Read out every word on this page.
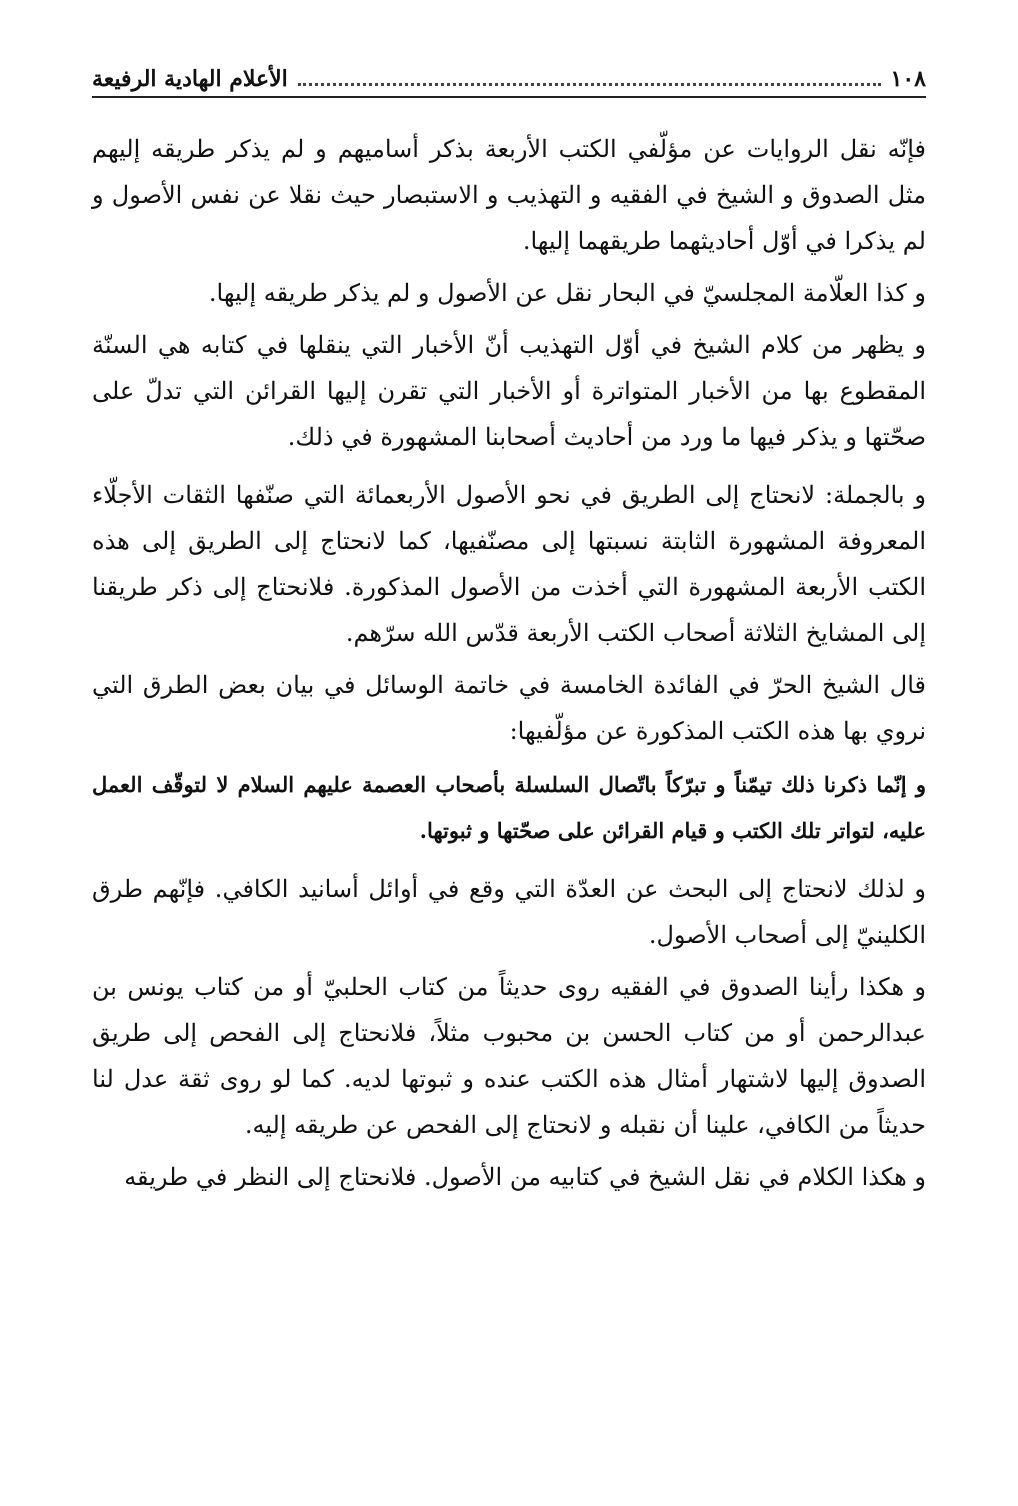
١٠٨
الأعلام الهادية الرفيعة

فإنّه نقل الروايات عن مؤلّفي الكتب الأربعة بذكر أساميهم و لم يذكر طريقه إليهم مثل الصدوق و الشيخ في الفقيه و التهذيب و الاستبصار حيث نقلا عن نفس الأصول و لم يذكرا في أوّل أحاديثهما طريقهما إليها.

و كذا العلّامة المجلسيّ في البحار نقل عن الأصول و لم يذكر طريقه إليها.

و يظهر من كلام الشيخ في أوّل التهذيب أنّ الأخبار التي ينقلها في كتابه هي السنّة المقطوع بها من الأخبار المتواترة أو الأخبار التي تقرن إليها القرائن التي تدلّ على صحّتها و يذكر فيها ما ورد من أحاديث أصحابنا المشهورة في ذلك.

و بالجملة: لانحتاج إلى الطريق في نحو الأصول الأربعمائة التي صنّفها الثقات الأجلّاء المعروفة المشهورة الثابتة نسبتها إلى مصنّفيها، كما لانحتاج إلى الطريق إلى هذه الكتب الأربعة المشهورة التي أخذت من الأصول المذكورة. فلانحتاج إلى ذكر طريقنا إلى المشايخ الثلاثة أصحاب الكتب الأربعة قدّس الله سرّهم.

قال الشيخ الحرّ في الفائدة الخامسة في خاتمة الوسائل في بيان بعض الطرق التي نروي بها هذه الكتب المذكورة عن مؤلّفيها:

و إنّما ذكرنا ذلك تيمّناً و تبرّكاً باتّصال السلسلة بأصحاب العصمة عليهم السلام لا لتوقّف العمل عليه، لتواتر تلك الكتب و قيام القرائن على صحّتها و ثبوتها.

و لذلك لانحتاج إلى البحث عن العدّة التي وقع في أوائل أسانيد الكافي. فإنّهم طرق الكلينيّ إلى أصحاب الأصول.

و هكذا رأينا الصدوق في الفقيه روى حديثاً من كتاب الحلبيّ أو من كتاب يونس بن عبدالرحمن أو من كتاب الحسن بن محبوب مثلاً، فلانحتاج إلى الفحص إلى طريق الصدوق إليها لاشتهار أمثال هذه الكتب عنده و ثبوتها لديه. كما لو روى ثقة عدل لنا حديثاً من الكافي، علينا أن نقبله و لانحتاج إلى الفحص عن طريقه إليه.

و هكذا الكلام في نقل الشيخ في كتابيه من الأصول. فلانحتاج إلى النظر في طريقه
